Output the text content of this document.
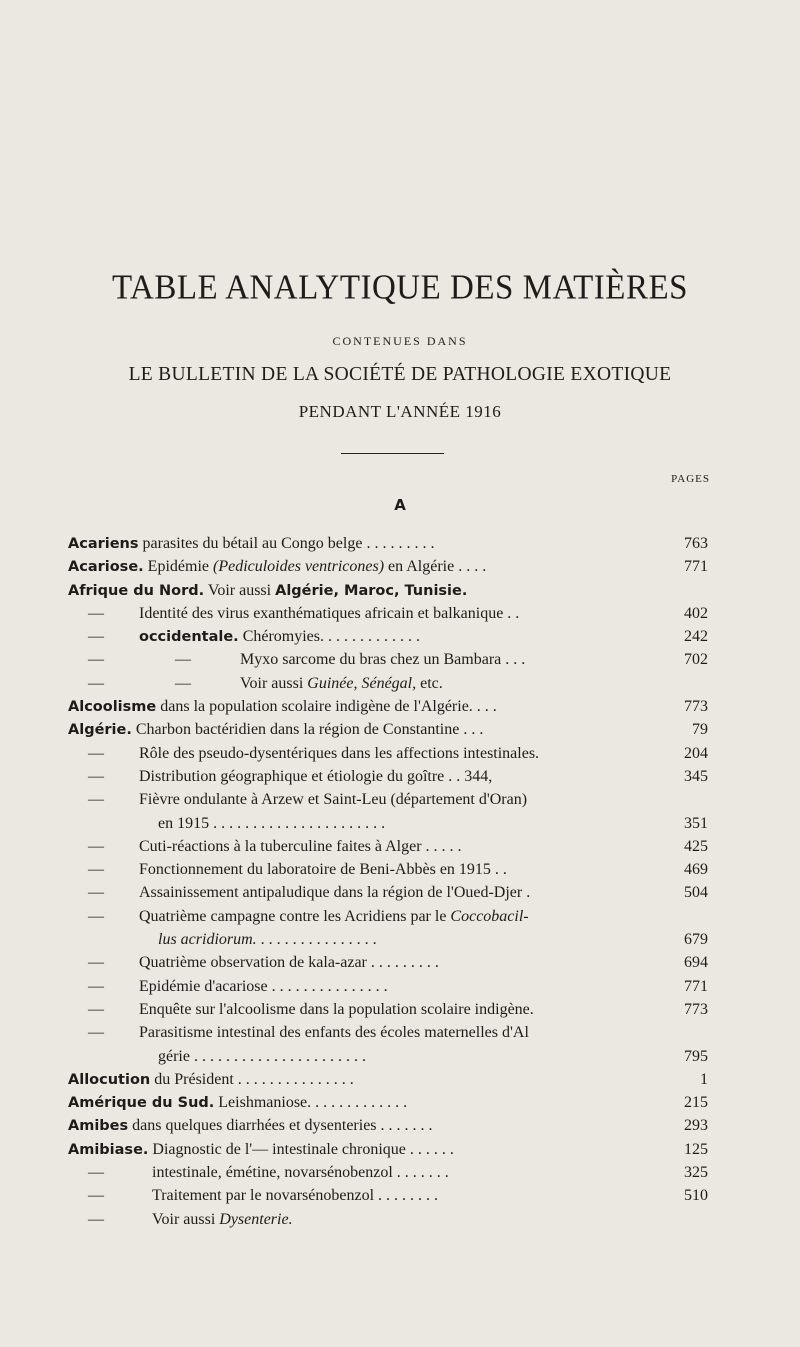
TABLE ANALYTIQUE DES MATIÈRES
CONTENUES DANS
LE BULLETIN DE LA SOCIÉTÉ DE PATHOLOGIE EXOTIQUE
PENDANT L'ANNÉE 1916
PAGES
A
Acariens parasites du bétail au Congo belge . . . . . . . . .	763
Acariose. Epidémie (Pediculoides ventricones) en Algérie . . . .	771
Afrique du Nord. Voir aussi Algérie, Maroc, Tunisie.
— Identité des virus exanthématiques africain et balkanique . .	402
— occidentale. Chéromyies. . . . . . . . . . . . .	242
—	—	Myxo sarcome du bras chez un Bambara . . .	702
—	—	Voir aussi Guinée, Sénégal, etc.
Alcoolisme dans la population scolaire indigène de l'Algérie. . . .	773
Algérie. Charbon bactéridien dans la région de Constantine . . .	79
— Rôle des pseudo-dysentériques dans les affections intestinales.	204
— Distribution géographique et étiologie du goître . . 344,	345
— Fièvre ondulante à Arzew et Saint-Leu (département d'Oran)
en 1915 . . . . . . . . . . . . . . . . . . . . . .	351
— Cuti-réactions à la tuberculine faites à Alger . . . . .	425
— Fonctionnement du laboratoire de Beni-Abbès en 1915 . .	469
— Assainissement antipaludique dans la région de l'Oued-Djer .	504
— Quatrième campagne contre les Acridiens par le Coccobacil-
lus acridiorum. . . . . . . . . . . . . . . .	679
— Quatrième observation de kala-azar . . . . . . . . .	694
— Epidémie d'acariose . . . . . . . . . . . . . . .	771
— Enquête sur l'alcoolisme dans la population scolaire indigène.	773
— Parasitisme intestinal des enfants des écoles maternelles d'Al
gérie . . . . . . . . . . . . . . . . . . . . . .	795
Allocution du Président . . . . . . . . . . . . . . .	1
Amérique du Sud. Leishmaniose. . . . . . . . . . . . .	215
Amibes dans quelques diarrhées et dysenteries . . . . . . .	293
Amibiase. Diagnostic de l'— intestinale chronique . . . . . .	125
—	intestinale, émétine, novarsénobenzol . . . . . . .	325
—	Traitement par le novarsénobenzol . . . . . . . .	510
—	Voir aussi Dysenterie.
